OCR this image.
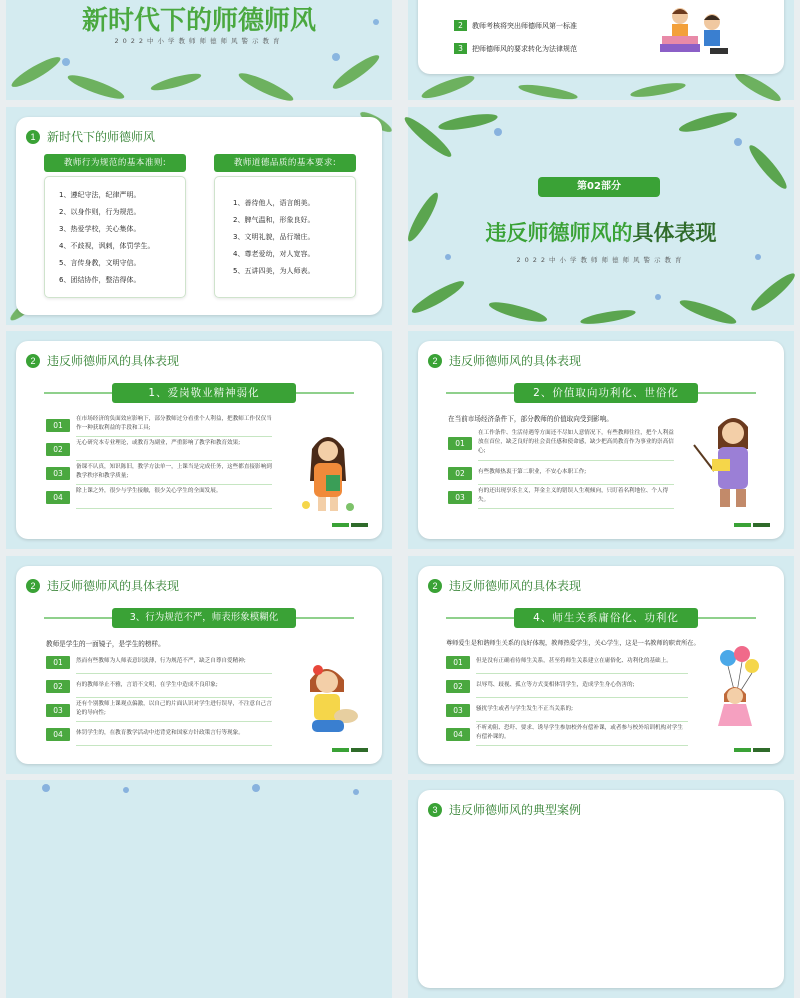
新时代下的师德师风
2022中小学教师师德师风警示教育
2	教师考核将突出师德师风第一标准
3	把师德师风的要求转化为法律规范
1 新时代下的师德师风
教师行为规范的基本准则:
1、遵纪守法，纪律严明。
2、以身作则，行为规范。
3、热爱学校，关心集体。
4、不歧视，讽刺，体罚学生。
5、言传身教，文明守信。
6、团结协作，整洁得体。
教师道德品质的基本要求:
1、善待他人，语言朗美。
2、脾气温和，形象良好。
3、文明礼貌，品行端庄。
4、尊老爱幼，对人宽容。
5、五讲四美，为人师表。
第02部分
违反师德师风的具体表现
2022中小学教师师德师风警示教育
2 违反师德师风的具体表现
1、爱岗敬业精神弱化
01
在市场经济的负面效应影响下，部分教师过分看重个人利益，把教师工作仅仅当作一种获取利益的手段和工具;
02
无心研究本专业理论，或教育为副业，严重影响了教学和教育效果;
03
备课不认真，知识陈旧，教学方法单一，上课当是完成任务，这些都直接影响到教学秩序和教学质量;
04
除上课之外，很少与学生接触，很少关心学生的全面发展。
2 违反师德师风的具体表现
2、价值取向功利化、世俗化
在当前市场经济条件下，部分教师的价值取向受到影响。
01
在工作条件、生活待遇等方面还不尽如人意情况下，有些教师往往，把个人利益放在首位，缺乏良好的社会责任感和使命感，缺少把高尚教育作为事业的崇高信心;
02	有些教师热衷于第二职业，不安心本职工作;
03
有的还出现享乐主义，拜金主义的错误人生观倾向，只盯着名利地位、个人得失。
2 违反师德师风的具体表现
3、行为规范不严，师表形象模糊化
教师是学生的一面镜子，是学生的榜样。
01	然而有些教师为人师表意识淡薄，行为规范不严，缺乏自尊自爱精神;
02	有的教师举止不雅，言语不文明，在学生中造成不良印象;
03
还有个别教师上课观点偏激，以自己的片面认识对学生进行误导，不注意自己言论的导向性;
04	体罚学生的，在教育教学活动中违背党和国家方针政策言行等现象。
2 违反师德师风的具体表现
4、师生关系庸俗化、功利化
尊师爱生是和谐师生关系的良好体现，教师热爱学生，关心学生，这是一名教师的职责所在。
01	但是没有正确看待师生关系，甚至将师生关系建立在庸俗化、功利化的基础上。
02	以辱骂、歧视、孤立等方式变相体罚学生，造成学生身心伤害的;
03	骚扰学生或者与学生发生不正当关系的;
04
不听劝阻、恐吓、要求、诱导学生参加校外有偿补课，或者参与校外培训机构对学生有偿补课的。
3 违反师德师风的典型案例
